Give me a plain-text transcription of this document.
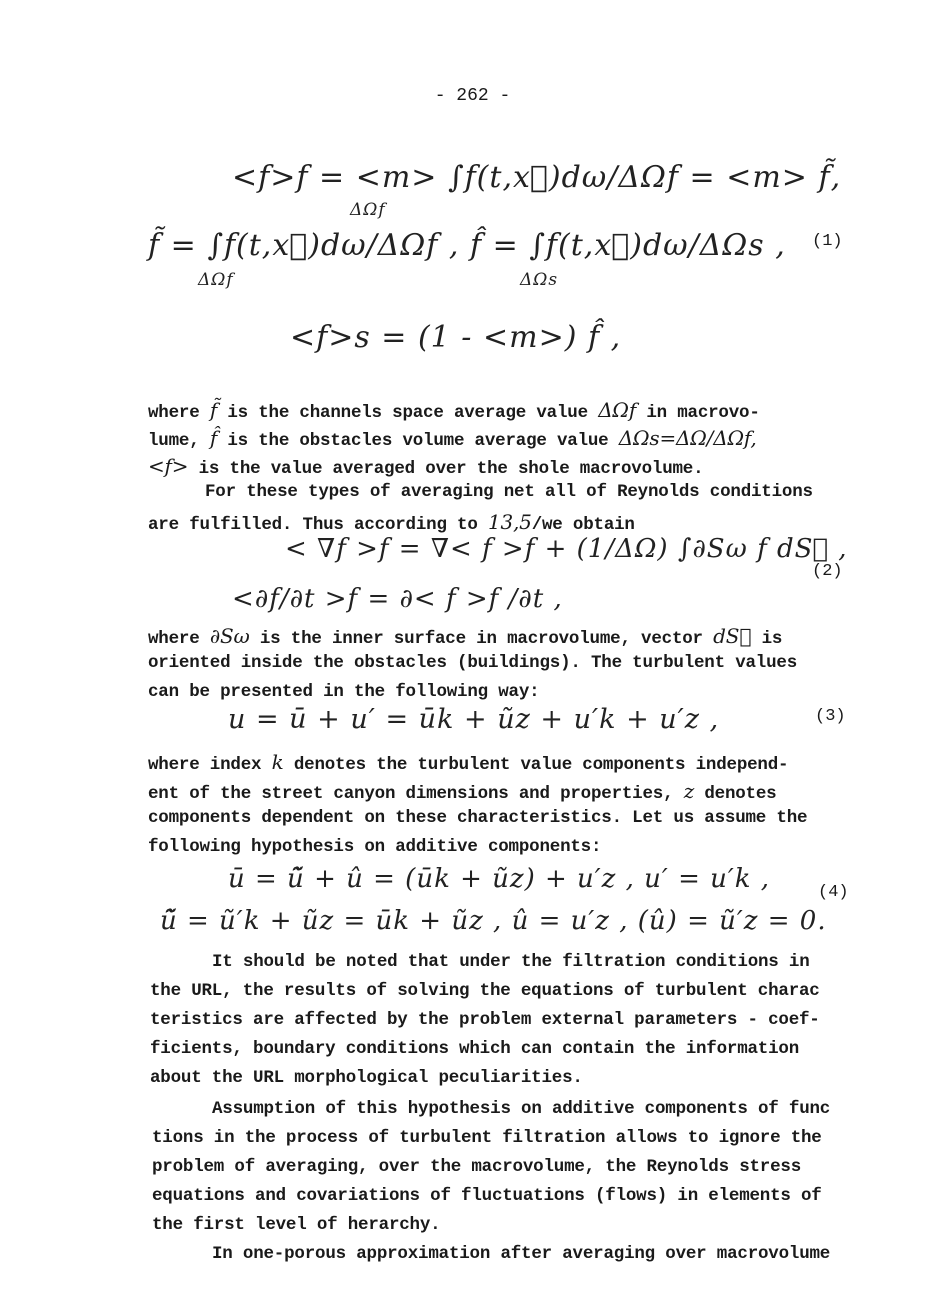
- 262 -
<f>f = <m> ∫f(t,x⃗)dω/ΔΩf = <m> f̃,
ΔΩf
f̃ = ∫f(t,x⃗)dω/ΔΩf , f̂ = ∫f(t,x⃗)dω/ΔΩs ,
ΔΩf	ΔΩs
<f>s = (1 - <m>) f̂ ,
(1)
where f̃ is the channels space average value ΔΩf in macrovo-
lume, f̂ is the obstacles volume average value ΔΩs=ΔΩ/ΔΩf,
<f> is the value averaged over the shole macrovolume.
For these types of averaging net all of Reynolds conditions
are fulfilled. Thus according to 13,5/we obtain
< ∇f >f = ∇< f >f + (1/ΔΩ) ∫∂Sω f dS⃗ ,
<∂f/∂t >f = ∂< f >f /∂t ,
(2)
where ∂Sω is the inner surface in macrovolume, vector dS⃗ is
oriented inside the obstacles (buildings). The turbulent values
can be presented in the following way:
u = ū + u′ = ūk + ũz + u′k + u′z ,	(3)
where index k denotes the turbulent value components independ-
ent of the street canyon dimensions and properties, z denotes
components dependent on these characteristics. Let us assume the
following hypothesis on additive components:
ū = ũ̃ + û = (ūk + ũz) + u′z , u′ = u′k ,
ũ̃ = ũ′k + ũz = ūk + ũz , û = u′z , (û) = ũ′z = 0.
(4)
It should be noted that under the filtration conditions in
the URL, the results of solving the equations of turbulent charac
teristics are affected by the problem external parameters - coef-
ficients, boundary conditions which can contain the information
about the URL morphological peculiarities.
Assumption of this hypothesis on additive components of func
tions in the process of turbulent filtration allows to ignore the
problem of averaging, over the macrovolume, the Reynolds stress
equations and covariations of fluctuations (flows) in elements of
the first level of herarchy.
In one-porous approximation after averaging over macrovolume
